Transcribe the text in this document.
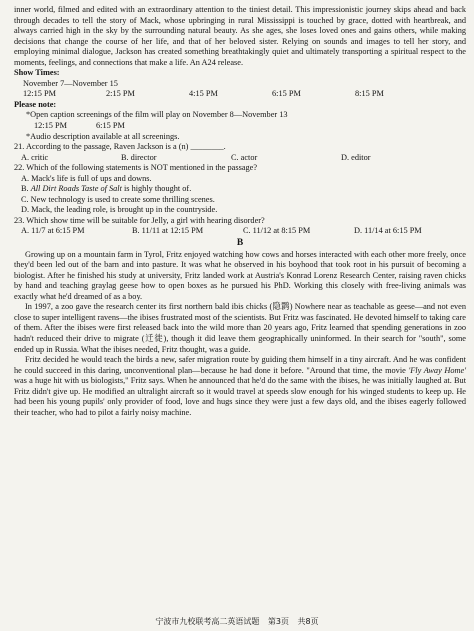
inner world, filmed and edited with an extraordinary attention to the tiniest detail. This impressionistic journey skips ahead and back through decades to tell the story of Mack, whose upbringing in rural Mississippi is touched by grace, dotted with heartbreak, and always carried high in the sky by the surrounding natural beauty. As she ages, she loses loved ones and gains others, while making decisions that change the course of her life, and that of her beloved sister. Relying on sounds and images to tell her story, and employing minimal dialogue, Jackson has created something breathtakingly quiet and ultimately transporting a spiritual respect to the moments, feelings, and connections that make a life. An A24 release.

Show Times:
November 7—November 15
12:15 PM	2:15 PM	4:15 PM	6:15 PM	8:15 PM
Please note:
*Open caption screenings of the film will play on November 8—November 13
12:15 PM	6:15 PM
*Audio description available at all screenings.
21. According to the passage, Raven Jackson is a (n) ________.
A. critic	B. director	C. actor	D. editor
22. Which of the following statements is NOT mentioned in the passage?
A. Mack's life is full of ups and downs.
B. All Dirt Roads Taste of Salt is highly thought of.
C. New technology is used to create some thrilling scenes.
D. Mack, the leading role, is brought up in the countryside.
23. Which show time will be suitable for Jelly, a girl with hearing disorder?
A. 11/7 at 6:15 PM	B. 11/11 at 12:15 PM	C. 11/12 at 8:15 PM	D. 11/14 at 6:15 PM
B

Growing up on a mountain farm in Tyrol, Fritz enjoyed watching how cows and horses interacted with each other more freely, once they'd been led out of the barn and into pasture. It was what he observed in his boyhood that took root in his pursuit of becoming a biologist. After he finished his study at university, Fritz landed work at Austria's Konrad Lorenz Research Center, raising raven chicks by hand and teaching graylag geese how to open boxes as he pursued his PhD. Working this closely with free-living animals was exactly what he'd dreamed of as a boy.

In 1997, a zoo gave the research center its first northern bald ibis chicks (隐鹮) Nowhere near as teachable as geese—and not even close to super intelligent ravens—the ibises frustrated most of the scientists. But Fritz was fascinated. He devoted himself to taking care of them. After the ibises were first released back into the wild more than 20 years ago, Fritz learned that spending generations in zoo hadn't reduced their drive to migrate (迁徙), though it did leave them geographically uninformed. In their search for "south", some ended up in Russia. What the ibises needed, Fritz thought, was a guide.

Fritz decided he would teach the birds a new, safer migration route by guiding them himself in a tiny aircraft. And he was confident he could succeed in this daring, unconventional plan—because he had done it before. "Around that time, the movie 'Fly Away Home' was a huge hit with us biologists," Fritz says. When he announced that he'd do the same with the ibises, he was initially laughed at. But Fritz didn't give up. He modified an ultralight aircraft so it would travel at speeds slow enough for his winged students to keep up. He had been his young pupils' only provider of food, love and hugs since they were just a few days old, and the ibises eagerly followed their teacher, who had to pilot a fairly noisy machine.

宁波市九校联考高二英语试题 第3页 共8页
